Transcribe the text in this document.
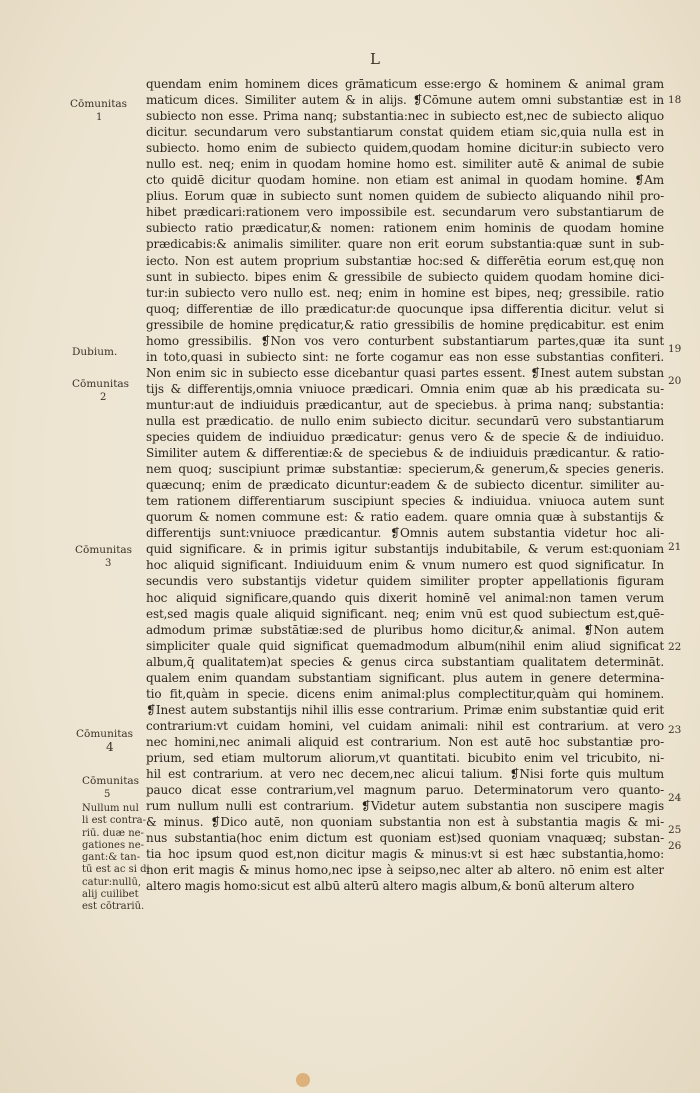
L
Cōmunitas
1
Dubium.
Cōmunitas
2
Cōmunitas
3
Cōmunitas
4
Cōmunitas
5
Nullum nul
li est contra-
riū. duæ ne-
gationes ne-
gant:& tan-
tū est ac si di
catur:nullū,
alij cuilibet
est cōtrariū.
18
19
20
21
22
23
24
25
26
quendam enim hominem dices grāmaticum esse:ergo & hominem & animal gram
maticum dices. Similiter autem & in alijs. ❡Cōmune autem omni substantiæ est in
subiecto non esse. Prima nanq; substantia:nec in subiecto est,nec de subiecto aliquo
dicitur. secundarum vero substantiarum constat quidem etiam sic,quia nulla est in
subiecto. homo enim de subiecto quidem,quodam homine dicitur:in subiecto vero
nullo est. neq; enim in quodam homine homo est. similiter autē & animal de subie
cto quidē dicitur quodam homine. non etiam est animal in quodam homine. ❡Am
plius. Eorum quæ in subiecto sunt nomen quidem de subiecto aliquando nihil pro-
hibet prædicari:rationem vero impossibile est. secundarum vero substantiarum de
subiecto ratio prædicatur,& nomen: rationem enim hominis de quodam homine
prædicabis:& animalis similiter. quare non erit eorum substantia:quæ sunt in sub-
iecto. Non est autem proprium substantiæ hoc:sed & differētia eorum est,quę non
sunt in subiecto. bipes enim & gressibile de subiecto quidem quodam homine dici-
tur:in subiecto vero nullo est. neq; enim in homine est bipes, neq; gressibile. ratio
quoq; differentiæ de illo prædicatur:de quocunque ipsa differentia dicitur. velut si
gressibile de homine prędicatur,& ratio gressibilis de homine prędicabitur. est enim
homo gressibilis. ❡Non vos vero conturbent substantiarum partes,quæ ita sunt
in toto,quasi in subiecto sint: ne forte cogamur eas non esse substantias confiteri.
Non enim sic in subiecto esse dicebantur quasi partes essent. ❡Inest autem substan
tijs & differentijs,omnia vniuoce prædicari. Omnia enim quæ ab his prædicata su-
muntur:aut de indiuiduis prædicantur, aut de speciebus. à prima nanq; substantia:
nulla est prædicatio. de nullo enim subiecto dicitur. secundarū vero substantiarum
species quidem de indiuiduo prædicatur: genus vero & de specie & de indiuiduo.
Similiter autem & differentiæ:& de speciebus & de indiuiduis prædicantur. & ratio-
nem quoq; suscipiunt primæ substantiæ: specierum,& generum,& species generis.
quæcunq; enim de prædicato dicuntur:eadem & de subiecto dicentur. similiter au-
tem rationem differentiarum suscipiunt species & indiuidua. vniuoca autem sunt
quorum & nomen commune est: & ratio eadem. quare omnia quæ à substantijs &
differentijs sunt:vniuoce prædicantur. ❡Omnis autem substantia videtur hoc ali-
quid significare. & in primis igitur substantijs indubitabile, & verum est:quoniam
hoc aliquid significant. Indiuiduum enim & vnum numero est quod significatur. In
secundis vero substantijs videtur quidem similiter propter appellationis figuram
hoc aliquid significare,quando quis dixerit hominē vel animal:non tamen verum
est,sed magis quale aliquid significant. neq; enim vnū est quod subiectum est,quē-
admodum primæ substātiæ:sed de pluribus homo dicitur,& animal. ❡Non autem
simpliciter quale quid significat quemadmodum album(nihil enim aliud significat
album,q̄ qualitatem)at species & genus circa substantiam qualitatem determināt.
qualem enim quandam substantiam significant. plus autem in genere determina-
tio fit,quàm in specie. dicens enim animal:plus complectitur,quàm qui hominem.
❡Inest autem substantijs nihil illis esse contrarium. Primæ enim substantiæ quid erit
contrarium:vt cuidam homini, vel cuidam animali: nihil est contrarium. at vero
nec homini,nec animali aliquid est contrarium. Non est autē hoc substantiæ pro-
prium, sed etiam multorum aliorum,vt quantitati. bicubito enim vel tricubito, ni-
hil est contrarium. at vero nec decem,nec alicui talium. ❡Nisi forte quis multum
pauco dicat esse contrarium,vel magnum paruo. Determinatorum vero quanto-
rum nullum nulli est contrarium. ❡Videtur autem substantia non suscipere magis
& minus. ❡Dico autē, non quoniam substantia non est à substantia magis & mi-
nus substantia(hoc enim dictum est quoniam est)sed quoniam vnaquæq; substan-
tia hoc ipsum quod est,non dicitur magis & minus:vt si est hæc substantia,homo:
non erit magis & minus homo,nec ipse à seipso,nec alter ab altero. nō enim est alter
altero magis homo:sicut est albū alterū altero magis album,& bonū alterum altero
